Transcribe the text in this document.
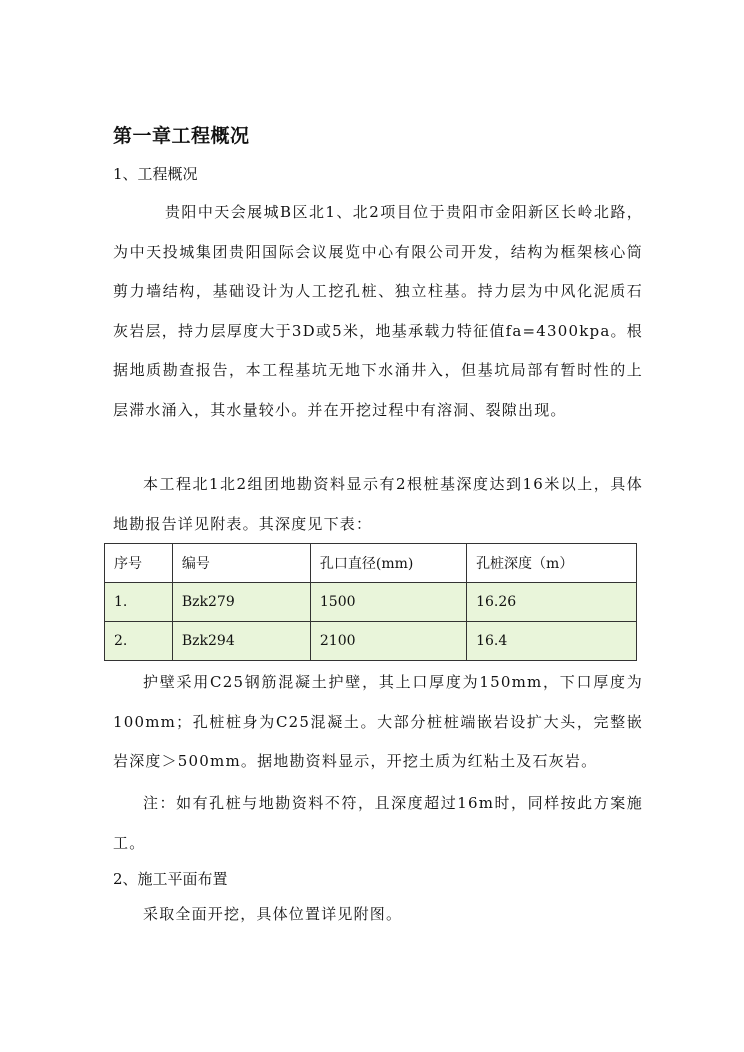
第一章工程概况
1、工程概况

贵阳中天会展城B区北1、北2项目位于贵阳市金阳新区长岭北路，为中天投城集团贵阳国际会议展览中心有限公司开发，结构为框架核心筒剪力墙结构，基础设计为人工挖孔桩、独立柱基。持力层为中风化泥质石灰岩层，持力层厚度大于3D或5米，地基承载力特征值fa=4300kpa。根据地质勘查报告，本工程基坑无地下水涌井入，但基坑局部有暂时性的上层滞水涌入，其水量较小。并在开挖过程中有溶洞、裂隙出现。

本工程北1北2组团地勘资料显示有2根桩基深度达到16米以上，具体地勘报告详见附表。其深度见下表：

序号	编号	孔口直径(mm)	孔桩深度（m）
1.	Bzk279	1500	16.26
2.	Bzk294	2100	16.4

护壁采用C25钢筋混凝土护壁，其上口厚度为150mm，下口厚度为100mm；孔桩桩身为C25混凝土。大部分桩桩端嵌岩设扩大头，完整嵌岩深度＞500mm。据地勘资料显示，开挖土质为红粘土及石灰岩。

注：如有孔桩与地勘资料不符，且深度超过16m时，同样按此方案施工。

2、施工平面布置

采取全面开挖，具体位置详见附图。
